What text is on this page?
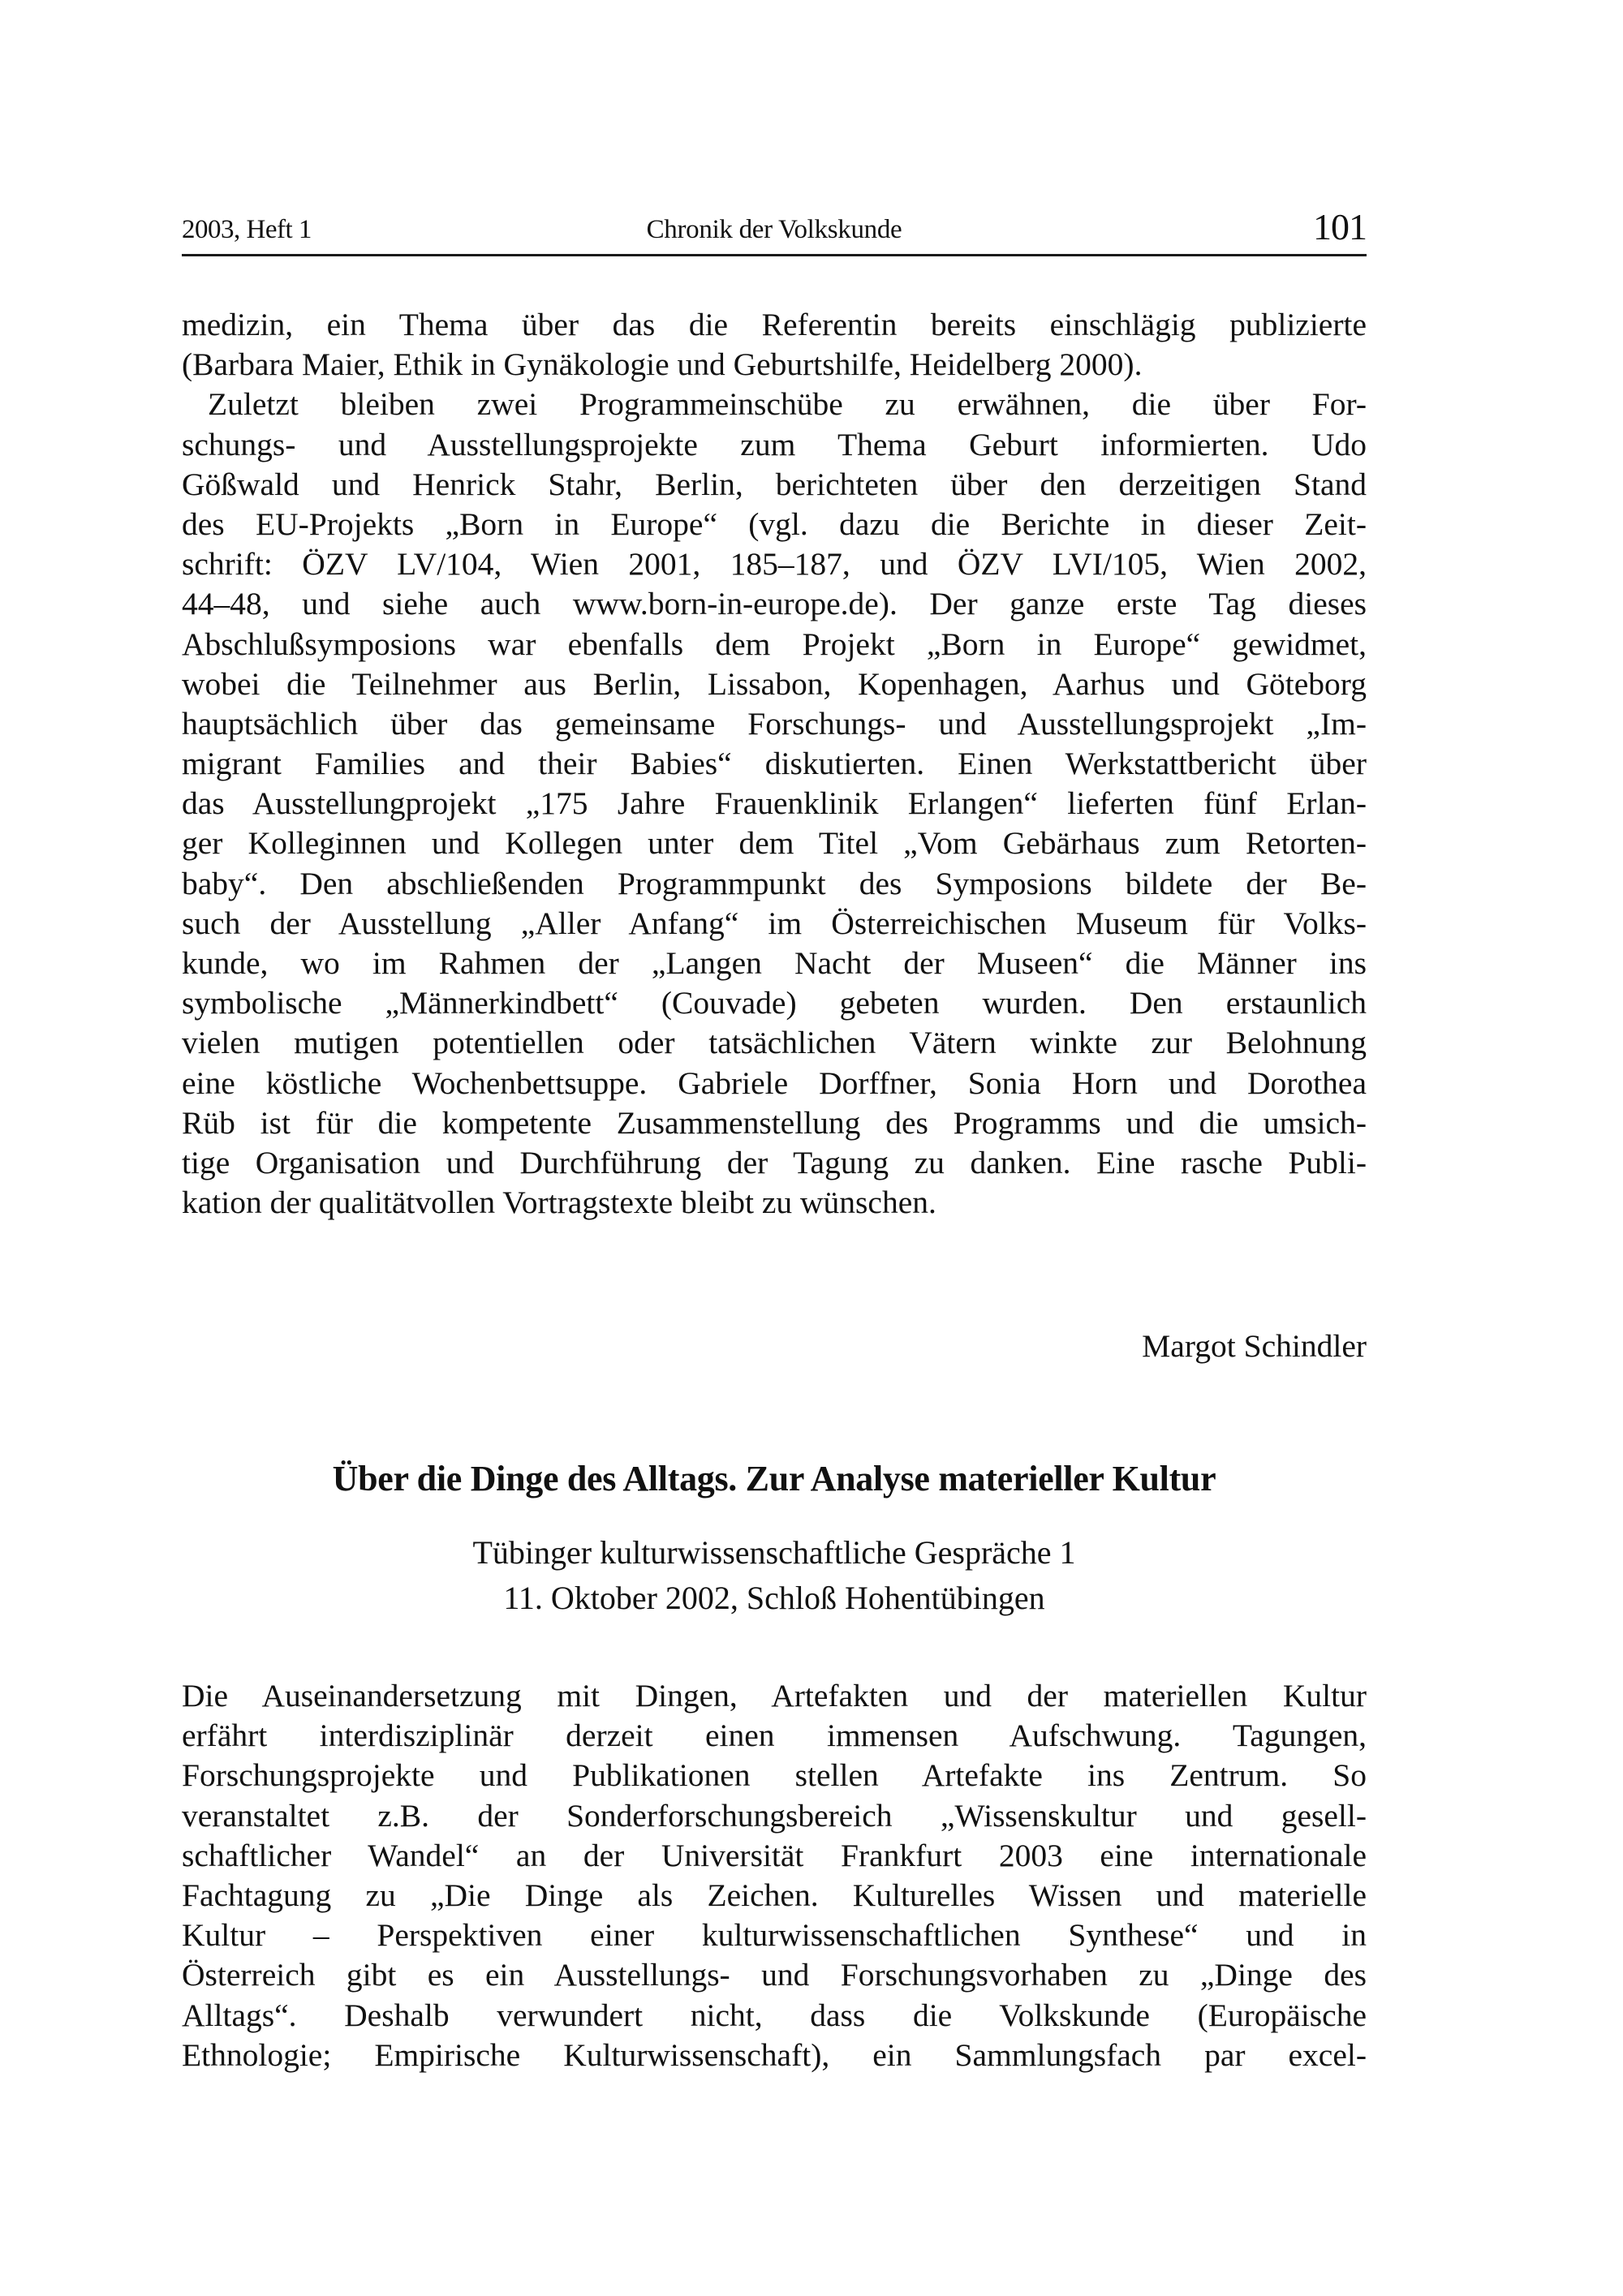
2003, Heft 1	Chronik der Volkskunde	101
medizin, ein Thema über das die Referentin bereits einschlägig publizierte
(Barbara Maier, Ethik in Gynäkologie und Geburtshilfe, Heidelberg 2000).
Zuletzt bleiben zwei Programmeinschübe zu erwähnen, die über For-
schungs- und Ausstellungsprojekte zum Thema Geburt informierten. Udo
Gößwald und Henrick Stahr, Berlin, berichteten über den derzeitigen Stand
des EU-Projekts „Born in Europe“ (vgl. dazu die Berichte in dieser Zeit-
schrift: ÖZV LV/104, Wien 2001, 185–187, und ÖZV LVI/105, Wien 2002,
44–48, und siehe auch www.born-in-europe.de). Der ganze erste Tag dieses
Abschlußsymposions war ebenfalls dem Projekt „Born in Europe“ gewidmet,
wobei die Teilnehmer aus Berlin, Lissabon, Kopenhagen, Aarhus und Göteborg
hauptsächlich über das gemeinsame Forschungs- und Ausstellungsprojekt „Im-
migrant Families and their Babies“ diskutierten. Einen Werkstattbericht über
das Ausstellungprojekt „175 Jahre Frauenklinik Erlangen“ lieferten fünf Erlan-
ger Kolleginnen und Kollegen unter dem Titel „Vom Gebärhaus zum Retorten-
baby“. Den abschließenden Programmpunkt des Symposions bildete der Be-
such der Ausstellung „Aller Anfang“ im Österreichischen Museum für Volks-
kunde, wo im Rahmen der „Langen Nacht der Museen“ die Männer ins
symbolische „Männerkindbett“ (Couvade) gebeten wurden. Den erstaunlich
vielen mutigen potentiellen oder tatsächlichen Vätern winkte zur Belohnung
eine köstliche Wochenbettsuppe. Gabriele Dorffner, Sonia Horn und Dorothea
Rüb ist für die kompetente Zusammenstellung des Programms und die umsich-
tige Organisation und Durchführung der Tagung zu danken. Eine rasche Publi-
kation der qualitätvollen Vortragstexte bleibt zu wünschen.
Margot Schindler
Über die Dinge des Alltags. Zur Analyse materieller Kultur
Tübinger kulturwissenschaftliche Gespräche 1
11. Oktober 2002, Schloß Hohentübingen
Die Auseinandersetzung mit Dingen, Artefakten und der materiellen Kultur
erfährt interdisziplinär derzeit einen immensen Aufschwung. Tagungen,
Forschungsprojekte und Publikationen stellen Artefakte ins Zentrum. So
veranstaltet z.B. der Sonderforschungsbereich „Wissenskultur und gesell-
schaftlicher Wandel“ an der Universität Frankfurt 2003 eine internationale
Fachtagung zu „Die Dinge als Zeichen. Kulturelles Wissen und materielle
Kultur – Perspektiven einer kulturwissenschaftlichen Synthese“ und in
Österreich gibt es ein Ausstellungs- und Forschungsvorhaben zu „Dinge des
Alltags“. Deshalb verwundert nicht, dass die Volkskunde (Europäische
Ethnologie; Empirische Kulturwissenschaft), ein Sammlungsfach par excel-
